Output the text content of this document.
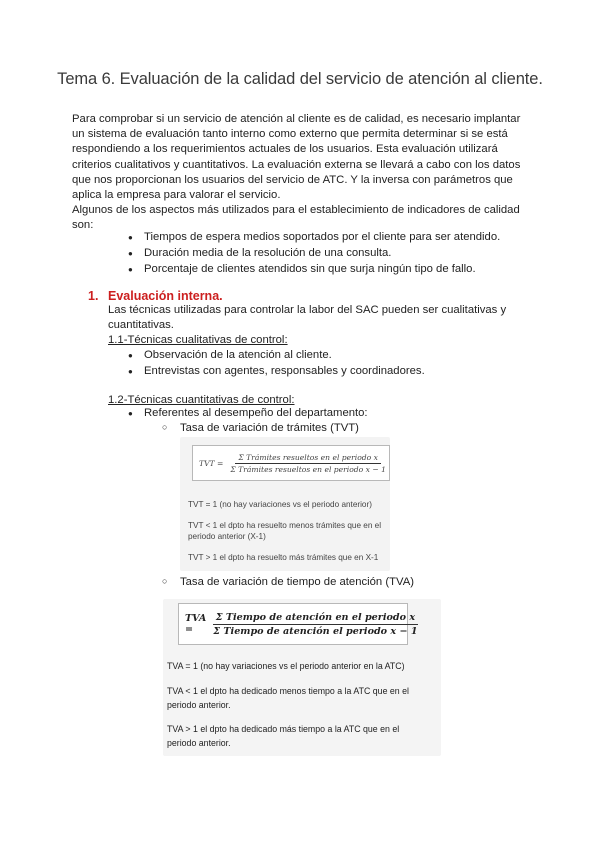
Tema 6. Evaluación de la calidad del servicio de atención al cliente.

Para comprobar si un servicio de atención al cliente es de calidad, es necesario implantar
un sistema de evaluación tanto interno como externo que permita determinar si se está
respondiendo a los requerimientos actuales de los usuarios. Esta evaluación utilizará
criterios cualitativos y cuantitativos. La evaluación externa se llevará a cabo con los datos
que nos proporcionan los usuarios del servicio de ATC. Y la inversa con parámetros que
aplica la empresa para valorar el servicio.
Algunos de los aspectos más utilizados para el establecimiento de indicadores de calidad
son:

● Tiempos de espera medios soportados por el cliente para ser atendido.
● Duración media de la resolución de una consulta.
● Porcentaje de clientes atendidos sin que surja ningún tipo de fallo.
1. Evaluación interna.

Las técnicas utilizadas para controlar la labor del SAC pueden ser cualitativas y
cuantitativas.

1.1-Técnicas cualitativas de control:

● Observación de la atención al cliente.
● Entrevistas con agentes, responsables y coordinadores.

1.2-Técnicas cuantitativas de control:

● Referentes al desempeño del departamento:

○ Tasa de variación de trámites (TVT)

TVT = $\frac{\text{Σ Trámites resueltos en el periodo x}}{\text{Σ Trámites resueltos en el periodo x − 1}}$

TVT = 1 (no hay variaciones vs el periodo anterior)

TVT < 1 el dpto ha resuelto menos trámites que en el

periodo anterior (X-1)

TVT > 1 el dpto ha resuelto más trámites que en X-1

○ Tasa de variación de tiempo de atención (TVA)

TVA =	$\frac{\text{Σ Tiempo de atención en el periodo x}}{\text{Σ Tiempo de atención el periodo x − 1}}$

TVA = 1 (no hay variaciones vs el periodo anterior en la ATC)

TVA < 1 el dpto ha dedicado menos tiempo a la ATC que en el

periodo anterior.

TVA > 1 el dpto ha dedicado más tiempo a la ATC que en el

periodo anterior.
